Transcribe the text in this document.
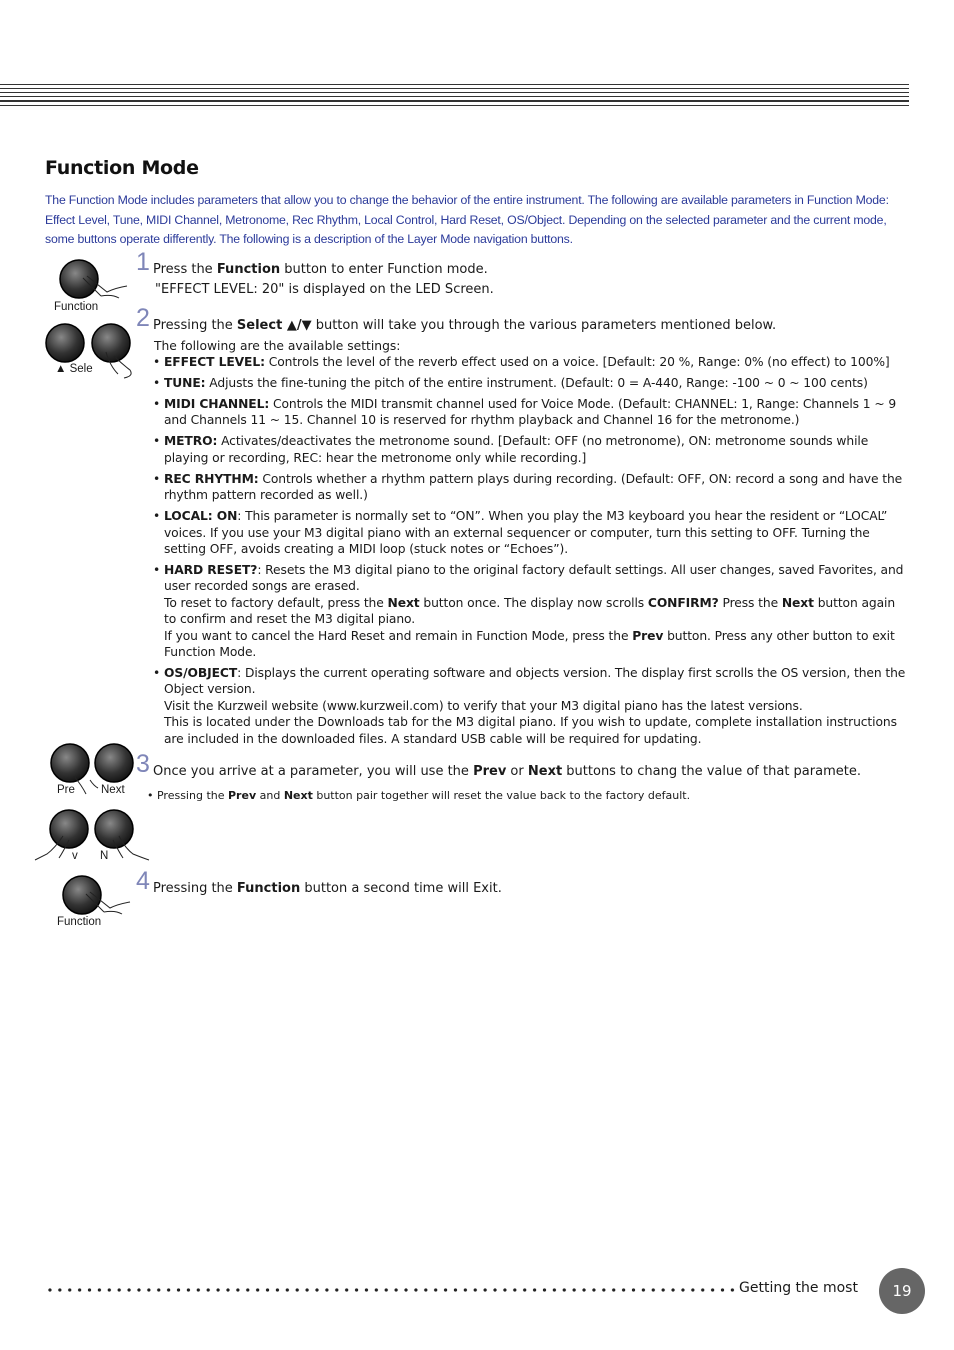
Function Mode

The Function Mode includes parameters that allow you to change the behavior of the entire instrument. The following are available parameters in Function Mode: Effect Level, Tune, MIDI Channel, Metronome, Rec Rhythm, Local Control, Hard Reset, OS/Object. Depending on the selected parameter and the current mode, some buttons operate differently. The following is a description of the Layer Mode navigation buttons.

Function
▲ Sele
Pre Next
v N
Function
1 Press the Function button to enter Function mode.
"EFFECT LEVEL: 20" is displayed on the LED Screen.
2 Pressing the Select ▲/▼ button will take you through the various parameters mentioned below.
The following are the available settings:
• EFFECT LEVEL: Controls the level of the reverb effect used on a voice. [Default: 20 %, Range: 0% (no effect) to 100%]

• TUNE: Adjusts the fine-tuning the pitch of the entire instrument. (Default: 0 = A-440, Range: -100 ~ 0 ~ 100 cents)

• MIDI CHANNEL: Controls the MIDI transmit channel used for Voice Mode. (Default: CHANNEL: 1, Range: Channels 1 ~ 9 and Channels 11 ~ 15. Channel 10 is reserved for rhythm playback and Channel 16 for the metronome.)

• METRO: Activates/deactivates the metronome sound. [Default: OFF (no metronome), ON: metronome sounds while playing or recording, REC: hear the metronome only while recording.]

• REC RHYTHM: Controls whether a rhythm pattern plays during recording. (Default: OFF, ON: record a song and have the rhythm pattern recorded as well.)

• LOCAL: ON: This parameter is normally set to “ON”. When you play the M3 keyboard you hear the resident or “LOCAL” voices. If you use your M3 digital piano with an external sequencer or computer, turn this setting to OFF. Turning the setting OFF, avoids creating a MIDI loop (stuck notes or “Echoes”).

• HARD RESET?: Resets the M3 digital piano to the original factory default settings. All user changes, saved Favorites, and user recorded songs are erased.

To reset to factory default, press the Next button once. The display now scrolls CONFIRM? Press the Next button again to confirm and reset the M3 digital piano.

If you want to cancel the Hard Reset and remain in Function Mode, press the Prev button. Press any other button to exit Function Mode.

• OS/OBJECT: Displays the current operating software and objects version. The display first scrolls the OS version, then the Object version.

Visit the Kurzweil website (www.kurzweil.com) to verify that your M3 digital piano has the latest versions.

This is located under the Downloads tab for the M3 digital piano. If you wish to update, complete installation instructions are included in the downloaded files. A standard USB cable will be required for updating.

3 Once you arrive at a parameter, you will use the Prev or Next buttons to chang the value of that paramete.
• Pressing the Prev and Next button pair together will reset the value back to the factory default.
4 Pressing the Function button a second time will Exit.
Getting the most	19
